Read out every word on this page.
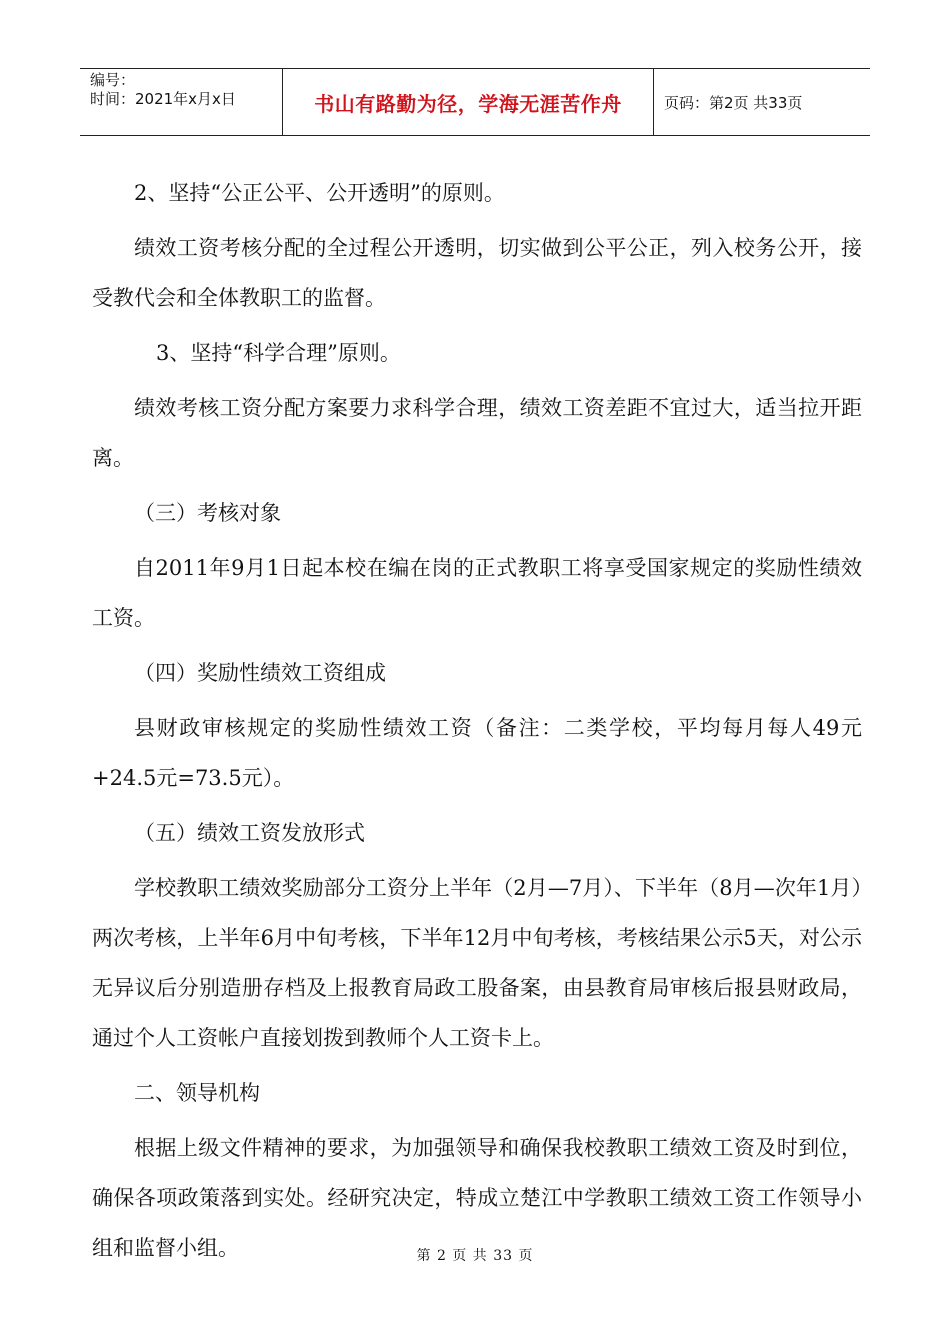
编号：
时间：2021年x月x日	书山有路勤为径，学海无涯苦作舟	页码：第2页 共33页

2、坚持“公正公平、公开透明”的原则。

绩效工资考核分配的全过程公开透明，切实做到公平公正，列入校务公开，接受教代会和全体教职工的监督。

3、坚持“科学合理”原则。

绩效考核工资分配方案要力求科学合理，绩效工资差距不宜过大，适当拉开距离。

（三）考核对象

自2011年9月1日起本校在编在岗的正式教职工将享受国家规定的奖励性绩效工资。

（四）奖励性绩效工资组成

县财政审核规定的奖励性绩效工资（备注：二类学校，平均每月每人49元+24.5元=73.5元）。

（五）绩效工资发放形式

学校教职工绩效奖励部分工资分上半年（2月—7月）、下半年（8月—次年1月）两次考核，上半年6月中旬考核，下半年12月中旬考核，考核结果公示5天，对公示无异议后分别造册存档及上报教育局政工股备案，由县教育局审核后报县财政局，通过个人工资帐户直接划拨到教师个人工资卡上。

二、领导机构

根据上级文件精神的要求，为加强领导和确保我校教职工绩效工资及时到位，确保各项政策落到实处。经研究决定，特成立楚江中学教职工绩效工资工作领导小组和监督小组。	第 2 页 共 33 页
